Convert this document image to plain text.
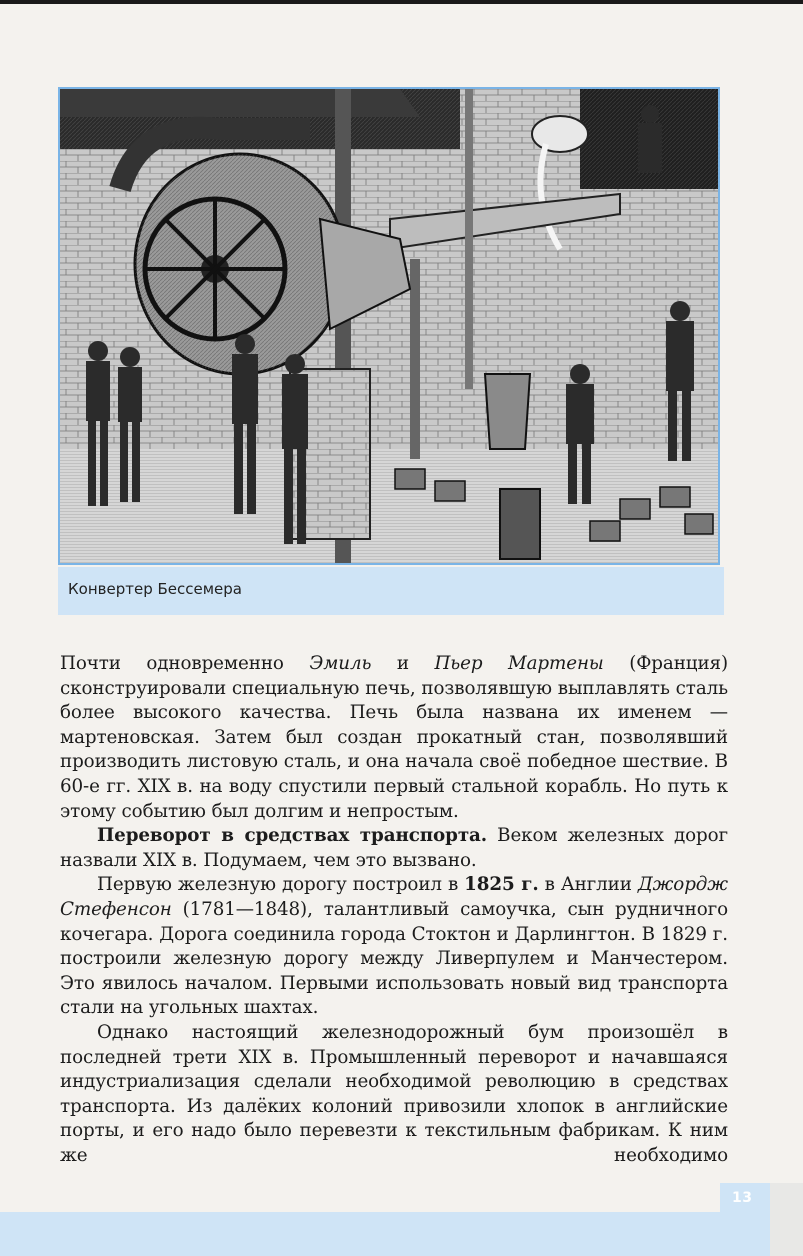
Конвертер Бессемера

Почти одновременно Эмиль и Пьер Мартены (Франция) сконструировали специальную печь, позволявшую выплавлять сталь более высокого качества. Печь была названа их именем — мартеновская. Затем был создан прокатный стан, позволявший производить листовую сталь, и она начала своё победное шествие. В 60-е гг. XIX в. на воду спустили первый стальной корабль. Но путь к этому событию был долгим и непростым.

Переворот в средствах транспорта. Веком железных дорог назвали XIX в. Подумаем, чем это вызвано.

Первую железную дорогу построил в 1825 г. в Англии Джордж Стефенсон (1781—1848), талантливый самоучка, сын рудничного кочегара. Дорога соединила города Стоктон и Дарлингтон. В 1829 г. построили железную дорогу между Ливерпулем и Манчестером. Это явилось началом. Первыми использовать новый вид транспорта стали на угольных шахтах.

Однако настоящий железнодорожный бум произошёл в последней трети XIX в. Промышленный переворот и начавшаяся индустриализация сделали необходимой революцию в средствах транспорта. Из далёких колоний привозили хлопок в английские порты, и его надо было перевезти к текстильным фабрикам. К ним же необходимо

13
